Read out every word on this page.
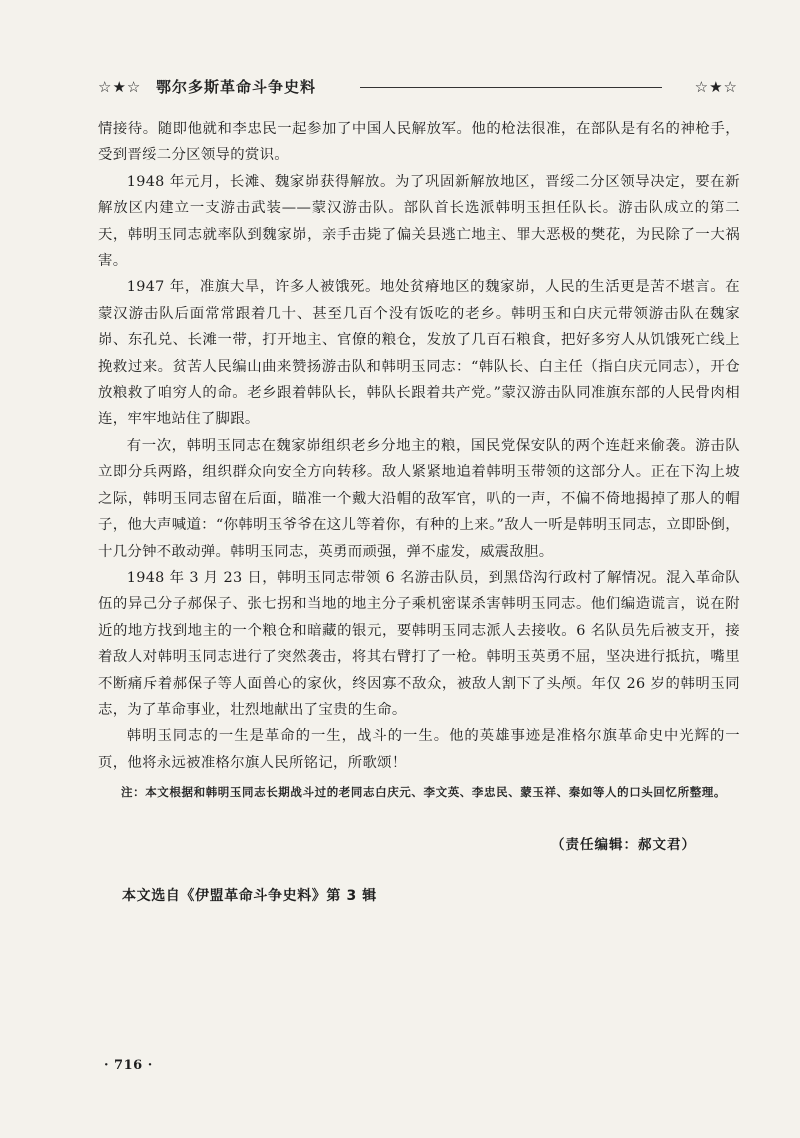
☆★☆ 鄂尔多斯革命斗争史料	☆★☆

情接待。随即他就和李忠民一起参加了中国人民解放军。他的枪法很准，在部队是有名的神枪手，受到晋绥二分区领导的赏识。

1948 年元月，长滩、魏家峁获得解放。为了巩固新解放地区，晋绥二分区领导决定，要在新解放区内建立一支游击武装——蒙汉游击队。部队首长选派韩明玉担任队长。游击队成立的第二天，韩明玉同志就率队到魏家峁，亲手击毙了偏关县逃亡地主、罪大恶极的樊花，为民除了一大祸害。

1947 年，准旗大旱，许多人被饿死。地处贫瘠地区的魏家峁，人民的生活更是苦不堪言。在蒙汉游击队后面常常跟着几十、甚至几百个没有饭吃的老乡。韩明玉和白庆元带领游击队在魏家峁、东孔兑、长滩一带，打开地主、官僚的粮仓，发放了几百石粮食，把好多穷人从饥饿死亡线上挽救过来。贫苦人民编山曲来赞扬游击队和韩明玉同志：“韩队长、白主任（指白庆元同志），开仓放粮救了咱穷人的命。老乡跟着韩队长，韩队长跟着共产党。”蒙汉游击队同准旗东部的人民骨肉相连，牢牢地站住了脚跟。

有一次，韩明玉同志在魏家峁组织老乡分地主的粮，国民党保安队的两个连赶来偷袭。游击队立即分兵两路，组织群众向安全方向转移。敌人紧紧地追着韩明玉带领的这部分人。正在下沟上坡之际，韩明玉同志留在后面，瞄准一个戴大沿帽的敌军官，叭的一声，不偏不倚地揭掉了那人的帽子，他大声喊道：“你韩明玉爷爷在这儿等着你，有种的上来。”敌人一听是韩明玉同志，立即卧倒，十几分钟不敢动弹。韩明玉同志，英勇而顽强，弹不虚发，威震敌胆。

1948 年 3 月 23 日，韩明玉同志带领 6 名游击队员，到黑岱沟行政村了解情况。混入革命队伍的异己分子郝保子、张七拐和当地的地主分子乘机密谋杀害韩明玉同志。他们编造谎言，说在附近的地方找到地主的一个粮仓和暗藏的银元，要韩明玉同志派人去接收。6 名队员先后被支开，接着敌人对韩明玉同志进行了突然袭击，将其右臂打了一枪。韩明玉英勇不屈，坚决进行抵抗，嘴里不断痛斥着郝保子等人面兽心的家伙，终因寡不敌众，被敌人割下了头颅。年仅 26 岁的韩明玉同志，为了革命事业，壮烈地献出了宝贵的生命。

韩明玉同志的一生是革命的一生，战斗的一生。他的英雄事迹是准格尔旗革命史中光辉的一页，他将永远被准格尔旗人民所铭记，所歌颂！

注：本文根据和韩明玉同志长期战斗过的老同志白庆元、李文英、李忠民、蒙玉祥、秦如等人的口头回忆所整理。

（责任编辑：郝文君）
本文选自《伊盟革命斗争史料》第 3 辑
· 716 ·
